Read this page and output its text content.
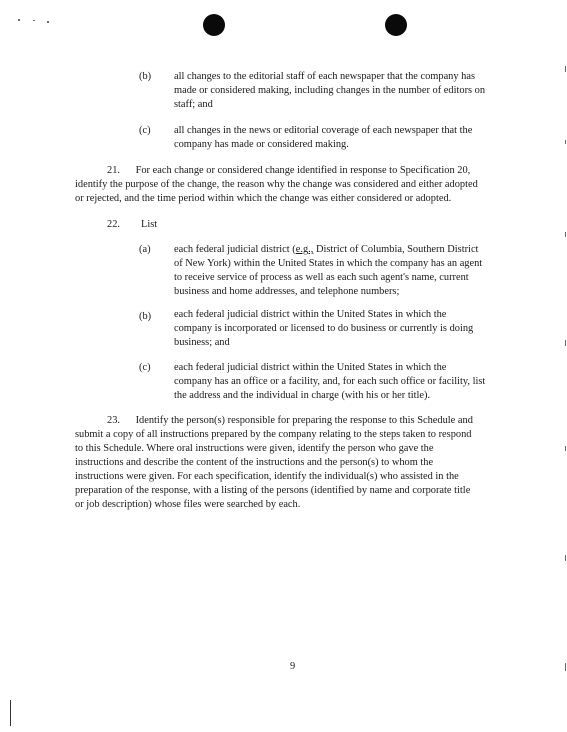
(b) all changes to the editorial staff of each newspaper that the company has
made or considered making, including changes in the number of editors on
staff; and
(c) all changes in the news or editorial coverage of each newspaper that the
company has made or considered making.
21.      For each change or considered change identified in response to Specification 20,
identify the purpose of the change, the reason why the change was considered and either adopted
or rejected, and the time period within which the change was either considered or adopted.
22. List
(a) each federal judicial district (e.g., District of Columbia, Southern District
of New York) within the United States in which the company has an agent
to receive service of process as well as each such agent's name, current
business and home addresses, and telephone numbers;
(b) each federal judicial district within the United States in which the
company is incorporated or licensed to do business or currently is doing
business; and
(c) each federal judicial district within the United States in which the
company has an office or a facility, and, for each such office or facility, list
the address and the individual in charge (with his or her title).
23.      Identify the person(s) responsible for preparing the response to this Schedule and
submit a copy of all instructions prepared by the company relating to the steps taken to respond
to this Schedule. Where oral instructions were given, identify the person who gave the
instructions and describe the content of the instructions and the person(s) to whom the
instructions were given. For each specification, identify the individual(s) who assisted in the
preparation of the response, with a listing of the persons (identified by name and corporate title
or job description) whose files were searched by each.
9
